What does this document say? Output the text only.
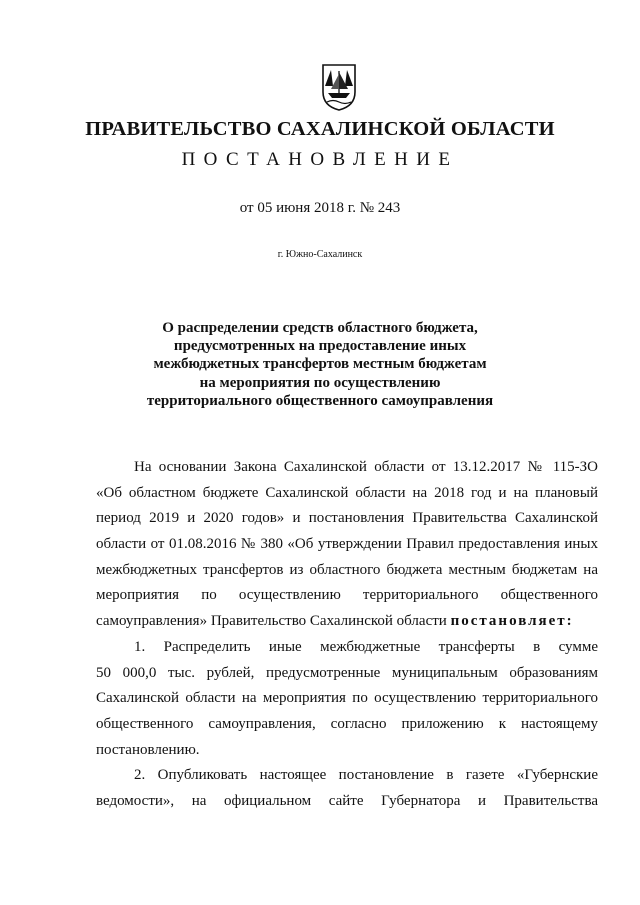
ПРАВИТЕЛЬСТВО САХАЛИНСКОЙ ОБЛАСТИ
ПОСТАНОВЛЕНИЕ
от 05 июня 2018 г. № 243
г. Южно-Сахалинск
О распределении средств областного бюджета,
предусмотренных на предоставление иных
межбюджетных трансфертов местным бюджетам
на мероприятия по осуществлению
территориального общественного самоуправления
На основании Закона Сахалинской области от 13.12.2017 № 115-ЗО
«Об областном бюджете Сахалинской области на 2018 год и на плановый
период 2019 и 2020 годов» и постановления Правительства Сахалинской
области от 01.08.2016 № 380 «Об утверждении Правил предоставления иных
межбюджетных трансфертов из областного бюджета местным бюджетам на
мероприятия по осуществлению территориального общественного
самоуправления» Правительство Сахалинской области постановляет:
1. Распределить иные межбюджетные трансферты в сумме
50 000,0 тыс. рублей, предусмотренные муниципальным образованиям
Сахалинской области на мероприятия по осуществлению территориального
общественного самоуправления, согласно приложению к настоящему
постановлению.
2. Опубликовать настоящее постановление в газете «Губернские
ведомости», на официальном сайте Губернатора и Правительства
